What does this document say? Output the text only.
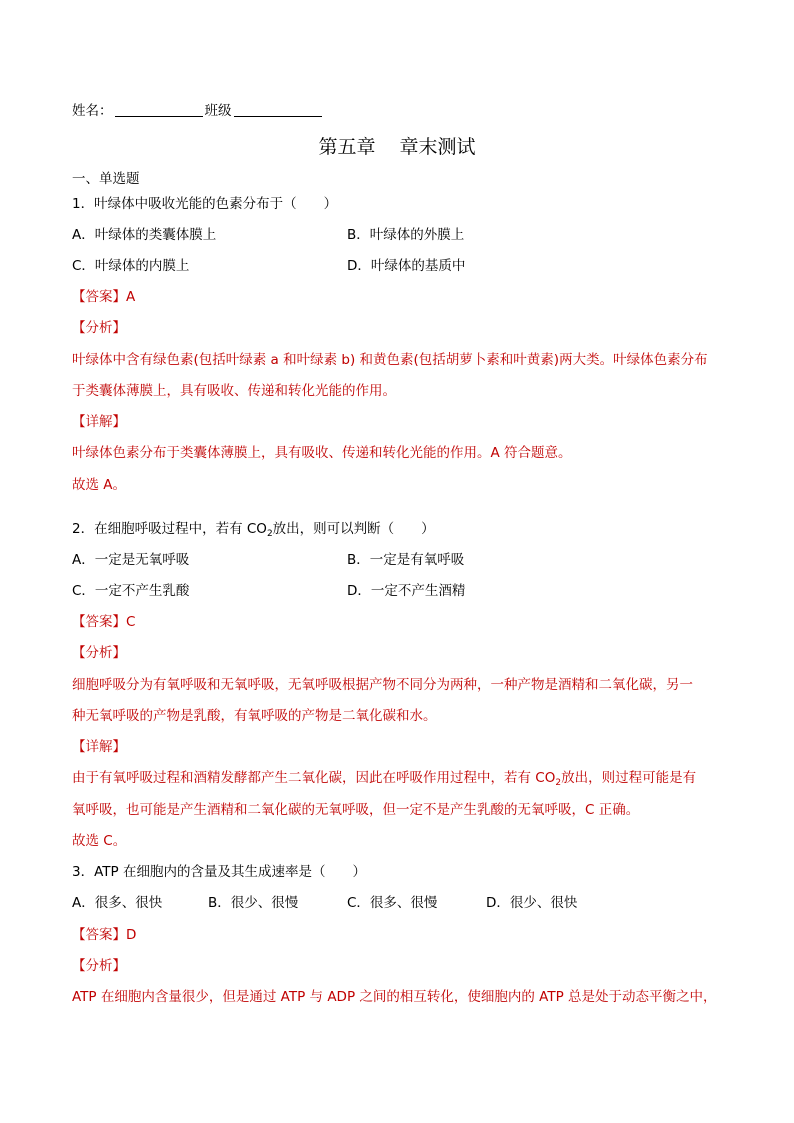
姓名：	班级
第五章 章末测试
一、单选题
1．叶绿体中吸收光能的色素分布于（　　）
A．叶绿体的类囊体膜上	B．叶绿体的外膜上
C．叶绿体的内膜上	D．叶绿体的基质中
【答案】A
【分析】
叶绿体中含有绿色素(包括叶绿素 a 和叶绿素 b) 和黄色素(包括胡萝卜素和叶黄素)两大类。叶绿体色素分布
于类囊体薄膜上，具有吸收、传递和转化光能的作用。
【详解】
叶绿体色素分布于类囊体薄膜上，具有吸收、传递和转化光能的作用。A 符合题意。
故选 A。
2．在细胞呼吸过程中，若有 $CO_2$放出，则可以判断（　　）
A．一定是无氧呼吸	B．一定是有氧呼吸
C．一定不产生乳酸	D．一定不产生酒精
【答案】C
【分析】
细胞呼吸分为有氧呼吸和无氧呼吸，无氧呼吸根据产物不同分为两种，一种产物是酒精和二氧化碳，另一
种无氧呼吸的产物是乳酸，有氧呼吸的产物是二氧化碳和水。
【详解】
由于有氧呼吸过程和酒精发酵都产生二氧化碳，因此在呼吸作用过程中，若有 $CO_2$放出，则过程可能是有
氧呼吸，也可能是产生酒精和二氧化碳的无氧呼吸，但一定不是产生乳酸的无氧呼吸，C 正确。
故选 C。
3．ATP 在细胞内的含量及其生成速率是（　　）
A．很多、很快	B．很少、很慢	C．很多、很慢	D．很少、很快
【答案】D
【分析】
ATP 在细胞内含量很少，但是通过 ATP 与 ADP 之间的相互转化，使细胞内的 ATP 总是处于动态平衡之中，
